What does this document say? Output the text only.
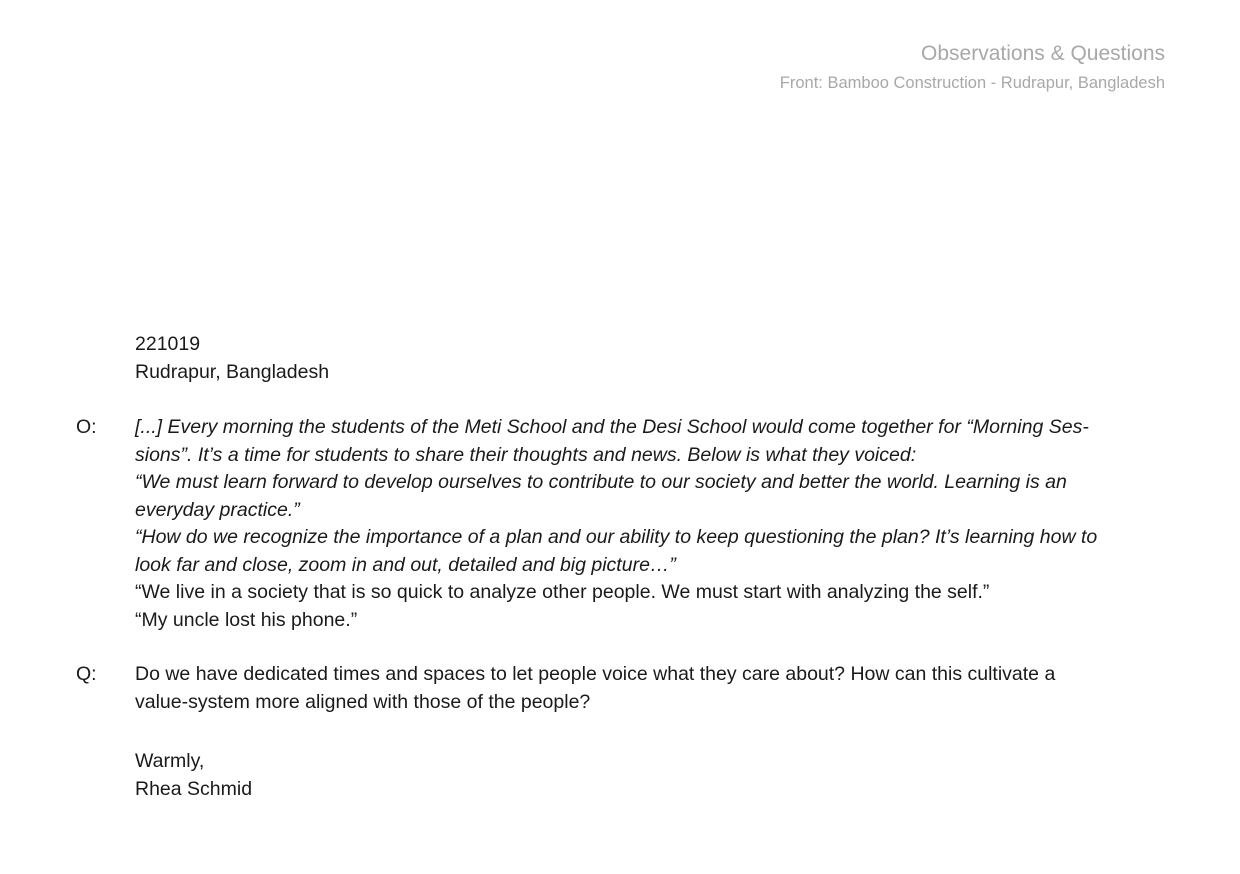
Observations & Questions
Front: Bamboo Construction - Rudrapur, Bangladesh
221019
Rudrapur, Bangladesh
O:	[...] Every morning the students of the Meti School and the Desi School would come together for “Morning Ses-
sions”. It’s a time for students to share their thoughts and news. Below is what they voiced:
“We must learn forward to develop ourselves to contribute to our society and better the world. Learning is an
everyday practice.”
“How do we recognize the importance of a plan and our ability to keep questioning the plan? It’s learning how to
look far and close, zoom in and out, detailed and big picture…”
“We live in a society that is so quick to analyze other people. We must start with analyzing the self.”
“My uncle lost his phone.”
Q:	Do we have dedicated times and spaces to let people voice what they care about? How can this cultivate a
value-system more aligned with those of the people?
Warmly,
Rhea Schmid
